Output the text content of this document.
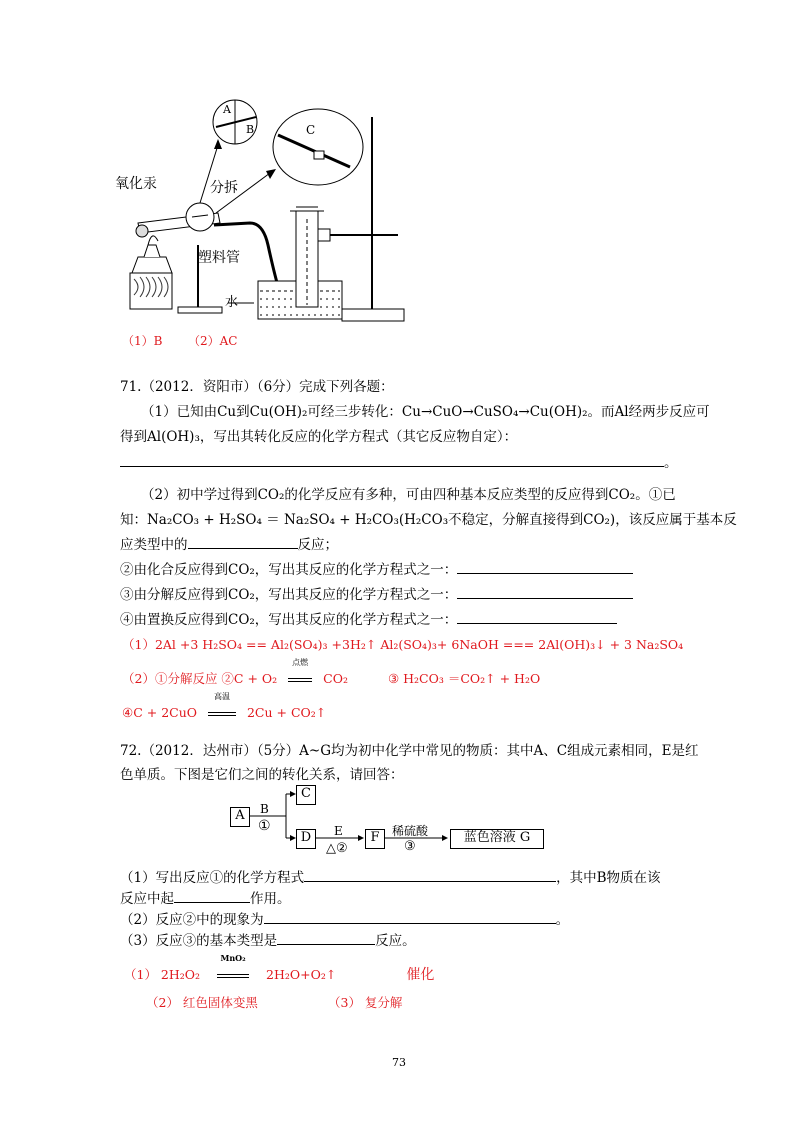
氧化汞	分拆
塑料管
水
A
B	C
（1）B （2）AC
71.（2012．资阳市）（6分）完成下列各题：
（1）已知由Cu到Cu(OH)₂可经三步转化：Cu→CuO→CuSO₄→Cu(OH)₂。而Al经两步反应可
得到Al(OH)₃，写出其转化反应的化学方程式（其它反应物自定）：
。
（2）初中学过得到CO₂的化学反应有多种，可由四种基本反应类型的反应得到CO₂。①已
知：Na₂CO₃ + H₂SO₄ ＝ Na₂SO₄ + H₂CO₃(H₂CO₃不稳定，分解直接得到CO₂)，该反应属于基本反
应类型中的	反应；
②由化合反应得到CO₂，写出其反应的化学方程式之一：
③由分解反应得到CO₂，写出其反应的化学方程式之一：
④由置换反应得到CO₂，写出其反应的化学方程式之一：
（1）2Al +3 H₂SO₄ == Al₂(SO₄)₃ +3H₂↑ Al₂(SO₄)₃+ 6NaOH === 2Al(OH)₃↓ + 3 Na₂SO₄
（2）①分解反应 ②C + O₂
点燃
CO₂	③ H₂CO₃ ＝CO₂↑ + H₂O
④C + 2CuO
高温
2Cu + CO₂↑
72.（2012．达州市）（5分）A~G均为初中化学中常见的物质：其中A、C组成元素相同，E是红
色单质。下图是它们之间的转化关系，请回答：
A	B
①
C
D	E
△②
F	稀硫酸
③
蓝色溶液 G
（1）写出反应①的化学方程式	，其中B物质在该
反应中起	作用。
（2）反应②中的现象为	。
（3）反应③的基本类型是	反应。
（1） 2H₂O₂
MnO₂
2H₂O+O₂↑	催化
（2） 红色固体变黑	（3） 复分解
73
